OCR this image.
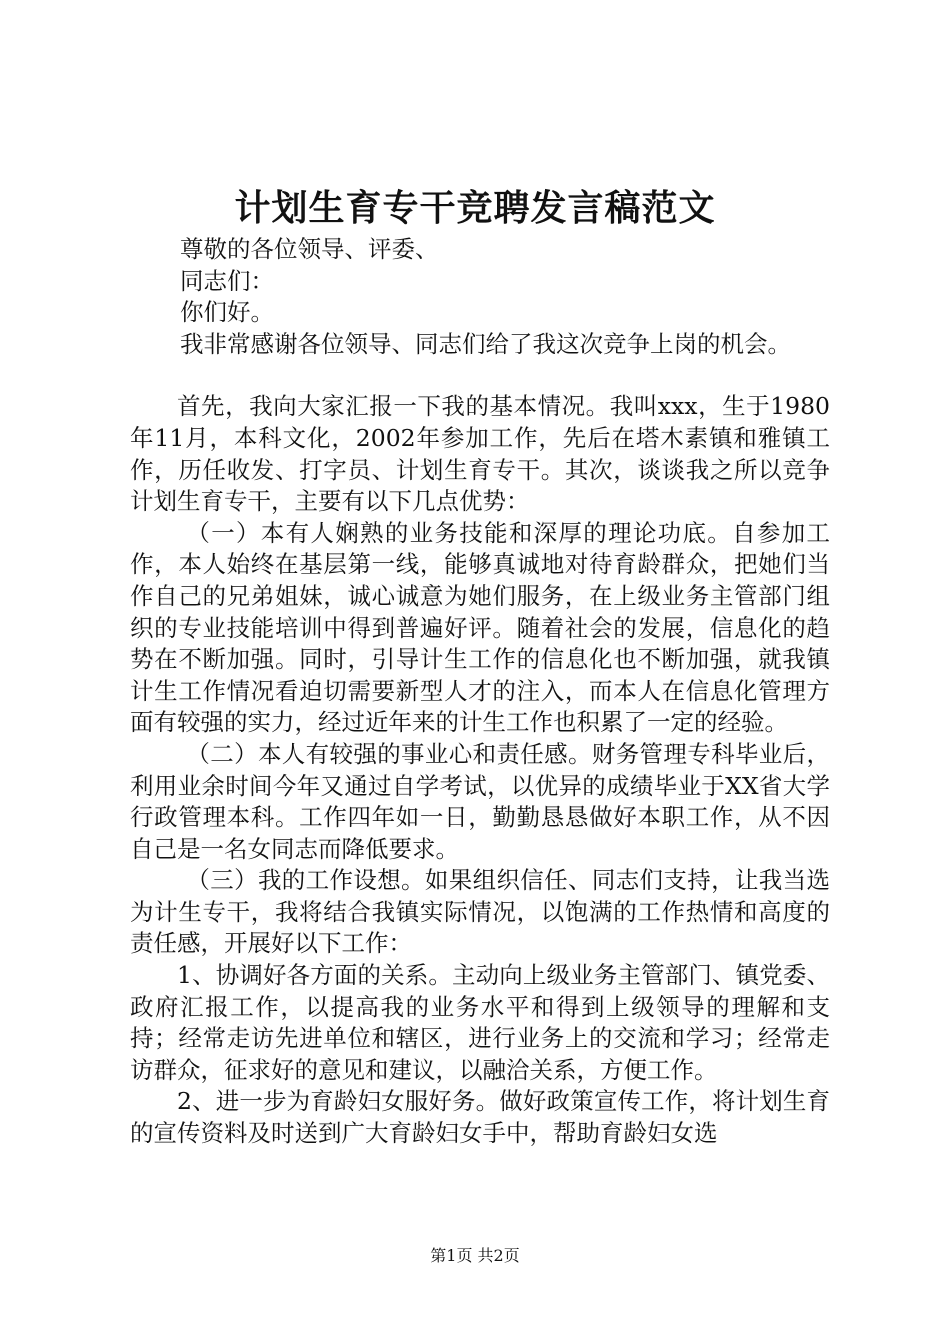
计划生育专干竞聘发言稿范文

尊敬的各位领导、评委、

同志们：

你们好。

我非常感谢各位领导、同志们给了我这次竞争上岗的机会。

首先，我向大家汇报一下我的基本情况。我叫xxx，生于1980年11月，本科文化，2002年参加工作，先后在塔木素镇和雅镇工作，历任收发、打字员、计划生育专干。其次，谈谈我之所以竞争计划生育专干，主要有以下几点优势：

（一）本有人娴熟的业务技能和深厚的理论功底。自参加工作，本人始终在基层第一线，能够真诚地对待育龄群众，把她们当作自己的兄弟姐妹，诚心诚意为她们服务，在上级业务主管部门组织的专业技能培训中得到普遍好评。随着社会的发展，信息化的趋势在不断加强。同时，引导计生工作的信息化也不断加强，就我镇计生工作情况看迫切需要新型人才的注入，而本人在信息化管理方面有较强的实力，经过近年来的计生工作也积累了一定的经验。

（二）本人有较强的事业心和责任感。财务管理专科毕业后，利用业余时间今年又通过自学考试，以优异的成绩毕业于XX省大学行政管理本科。工作四年如一日，勤勤恳恳做好本职工作，从不因自己是一名女同志而降低要求。

（三）我的工作设想。如果组织信任、同志们支持，让我当选为计生专干，我将结合我镇实际情况，以饱满的工作热情和高度的责任感，开展好以下工作：

1、协调好各方面的关系。主动向上级业务主管部门、镇党委、政府汇报工作，以提高我的业务水平和得到上级领导的理解和支持；经常走访先进单位和辖区，进行业务上的交流和学习；经常走访群众，征求好的意见和建议，以融洽关系，方便工作。

2、进一步为育龄妇女服好务。做好政策宣传工作，将计划生育的宣传资料及时送到广大育龄妇女手中，帮助育龄妇女选

第1页 共2页
